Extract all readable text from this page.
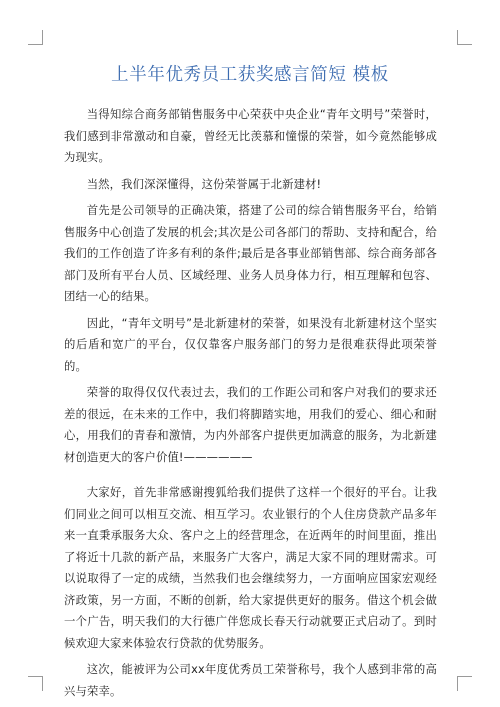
上半年优秀员工获奖感言简短 模板

当得知综合商务部销售服务中心荣获中央企业“青年文明号”荣誉时，我们感到非常激动和自豪，曾经无比羡慕和憧憬的荣誉，如今竟然能够成为现实。

当然，我们深深懂得，这份荣誉属于北新建材!

首先是公司领导的正确决策，搭建了公司的综合销售服务平台，给销售服务中心创造了发展的机会;其次是公司各部门的帮助、支持和配合，给我们的工作创造了许多有利的条件;最后是各事业部销售部、综合商务部各部门及所有平台人员、区域经理、业务人员身体力行，相互理解和包容、团结一心的结果。

因此，“青年文明号”是北新建材的荣誉，如果没有北新建材这个坚实的后盾和宽广的平台，仅仅靠客户服务部门的努力是很难获得此项荣誉的。

荣誉的取得仅仅代表过去，我们的工作距公司和客户对我们的要求还差的很远，在未来的工作中，我们将脚踏实地，用我们的爱心、细心和耐心，用我们的青春和激情，为内外部客户提供更加满意的服务，为北新建材创造更大的客户价值!——————

大家好，首先非常感谢搜狐给我们提供了这样一个很好的平台。让我们同业之间可以相互交流、相互学习。农业银行的个人住房贷款产品多年来一直秉承服务大众、客户之上的经营理念，在近两年的时间里面，推出了将近十几款的新产品，来服务广大客户，满足大家不同的理财需求。可以说取得了一定的成绩，当然我们也会继续努力，一方面响应国家宏观经济政策，另一方面，不断的创新，给大家提供更好的服务。借这个机会做一个广告，明天我们的大行德广伴您成长春天行动就要正式启动了。到时候欢迎大家来体验农行贷款的优势服务。

这次，能被评为公司xx年度优秀员工荣誉称号，我个人感到非常的高兴与荣幸。
